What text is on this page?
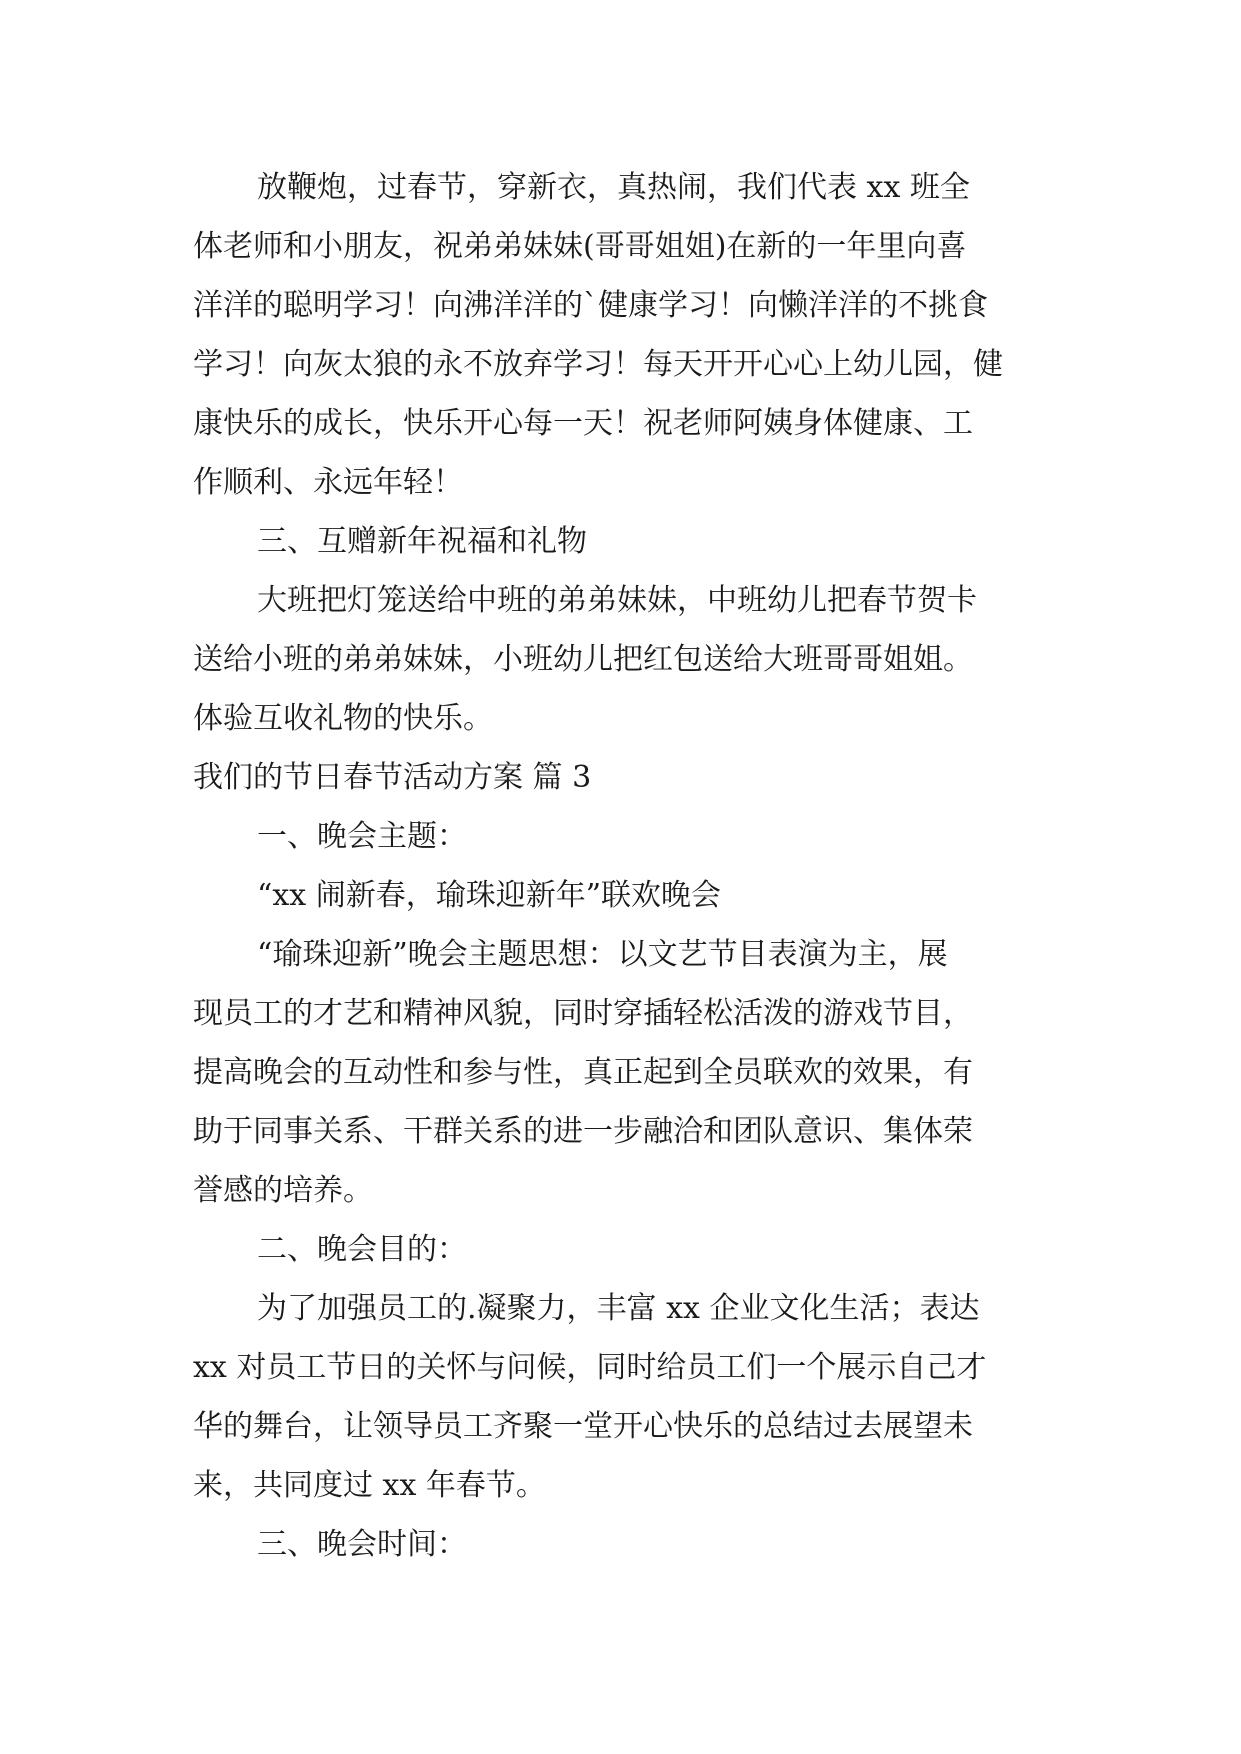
放鞭炮，过春节，穿新衣，真热闹，我们代表 xx 班全
体老师和小朋友，祝弟弟妹妹(哥哥姐姐)在新的一年里向喜
洋洋的聪明学习！向沸洋洋的`健康学习！向懒洋洋的不挑食
学习！向灰太狼的永不放弃学习！每天开开心心上幼儿园，健
康快乐的成长，快乐开心每一天！祝老师阿姨身体健康、工
作顺利、永远年轻！
三、互赠新年祝福和礼物
大班把灯笼送给中班的弟弟妹妹，中班幼儿把春节贺卡
送给小班的弟弟妹妹，小班幼儿把红包送给大班哥哥姐姐。
体验互收礼物的快乐。
我们的节日春节活动方案 篇 3
一、晚会主题：
“xx 闹新春，瑜珠迎新年”联欢晚会
“瑜珠迎新”晚会主题思想：以文艺节目表演为主，展
现员工的才艺和精神风貌，同时穿插轻松活泼的游戏节目，
提高晚会的互动性和参与性，真正起到全员联欢的效果，有
助于同事关系、干群关系的进一步融洽和团队意识、集体荣
誉感的培养。
二、晚会目的：
为了加强员工的.凝聚力，丰富 xx 企业文化生活；表达
xx 对员工节日的关怀与问候，同时给员工们一个展示自己才
华的舞台，让领导员工齐聚一堂开心快乐的总结过去展望未
来，共同度过 xx 年春节。
三、晚会时间：
